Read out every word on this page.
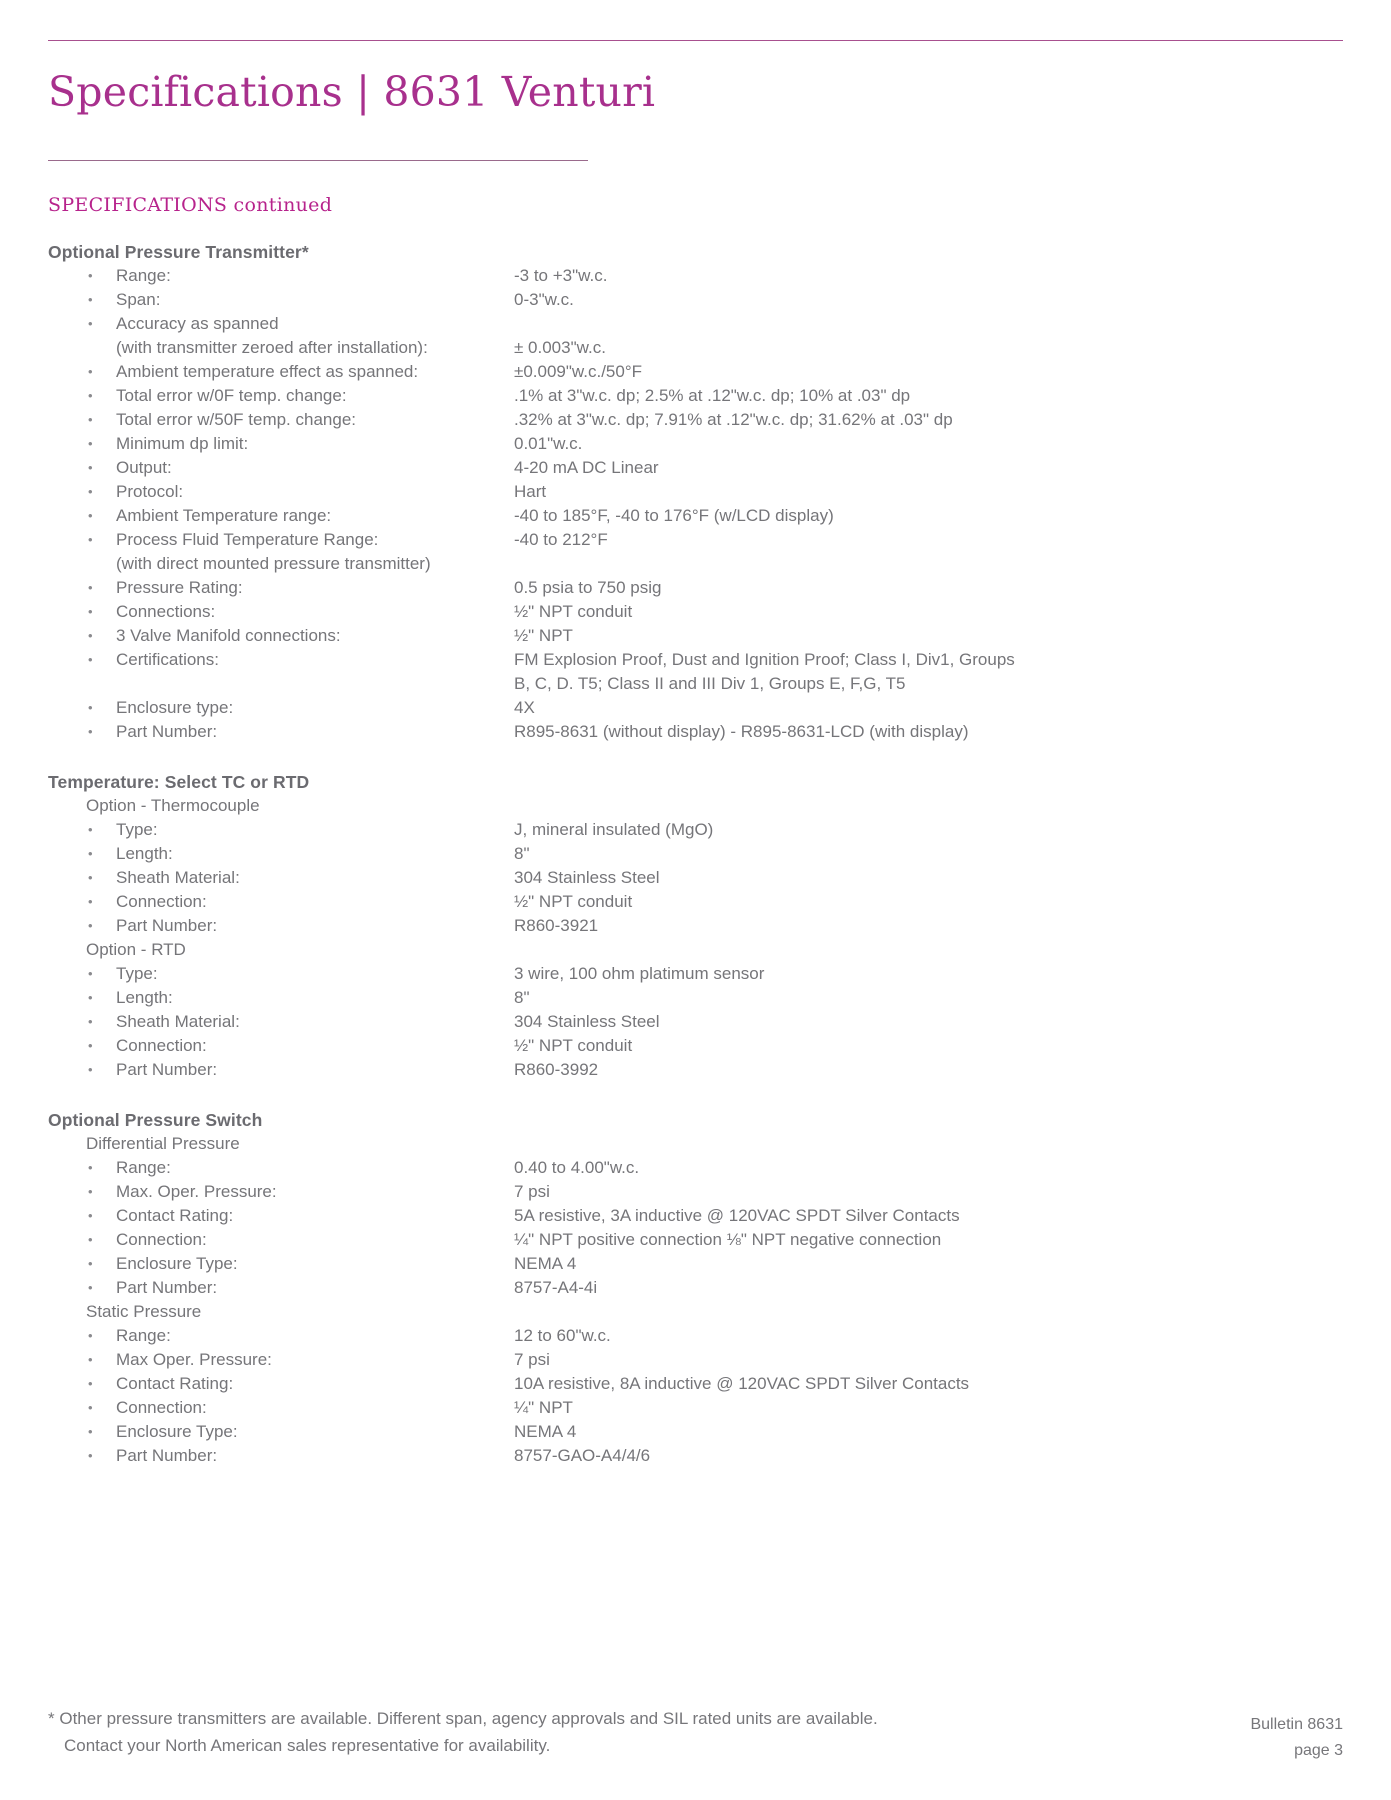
Specifications | 8631 Venturi
SPECIFICATIONS continued
Optional Pressure Transmitter*
• Range:	-3 to +3"w.c.
• Span:	0-3"w.c.
• Accuracy as spanned
(with transmitter zeroed after installation):	± 0.003"w.c.
• Ambient temperature effect as spanned:	±0.009"w.c./50°F
• Total error w/0F temp. change:	.1% at 3"w.c. dp; 2.5% at .12"w.c. dp; 10% at .03" dp
• Total error w/50F temp. change:	.32% at 3"w.c. dp; 7.91% at .12"w.c. dp; 31.62% at .03" dp
• Minimum dp limit:	0.01"w.c.
• Output:	4-20 mA DC Linear
• Protocol:	Hart
• Ambient Temperature range:	-40 to 185°F, -40 to 176°F (w/LCD display)
• Process Fluid Temperature Range:	-40 to 212°F
(with direct mounted pressure transmitter)
• Pressure Rating:	0.5 psia to 750 psig
• Connections:	½" NPT conduit
• 3 Valve Manifold connections:	½" NPT
• Certifications:	FM Explosion Proof, Dust and Ignition Proof; Class I, Div1, Groups
B, C, D. T5; Class II and III Div 1, Groups E, F,G, T5
• Enclosure type:	4X
• Part Number:	R895-8631 (without display) - R895-8631-LCD (with display)
Temperature: Select TC or RTD
Option - Thermocouple
• Type:	J, mineral insulated (MgO)
• Length:	8"
• Sheath Material:	304 Stainless Steel
• Connection:	½" NPT conduit
• Part Number:	R860-3921
Option - RTD
• Type:	3 wire, 100 ohm platimum sensor
• Length:	8"
• Sheath Material:	304 Stainless Steel
• Connection:	½" NPT conduit
• Part Number:	R860-3992
Optional Pressure Switch
Differential Pressure
• Range:	0.40 to 4.00"w.c.
• Max. Oper. Pressure:	7 psi
• Contact Rating:	5A resistive, 3A inductive @ 120VAC SPDT Silver Contacts
• Connection:	¼" NPT positive connection ⅛" NPT negative connection
• Enclosure Type:	NEMA 4
• Part Number:	8757-A4-4i
Static Pressure
• Range:	12 to 60"w.c.
• Max Oper. Pressure:	7 psi
• Contact Rating:	10A resistive, 8A inductive @ 120VAC SPDT Silver Contacts
• Connection:	¼" NPT
• Enclosure Type:	NEMA 4
• Part Number:	8757-GAO-A4/4/6
* Other pressure transmitters are available. Different span, agency approvals and SIL rated units are available.
Contact your North American sales representative for availability.
Bulletin 8631
page 3
